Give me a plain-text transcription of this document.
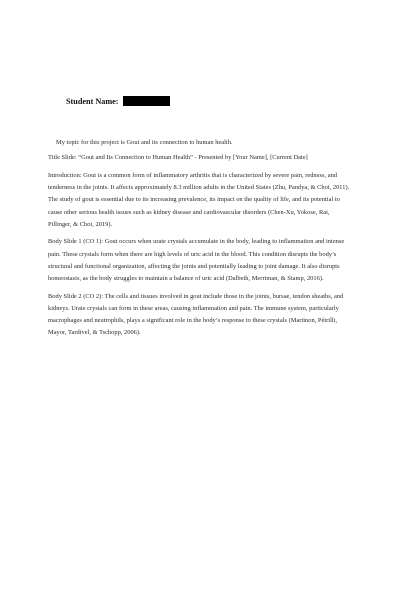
Student Name:

My topic for this project is Gout and its connection to human health.

Title Slide: “Gout and Its Connection to Human Health” - Presented by [Your Name], [Current Date]

Introduction: Gout is a common form of inflammatory arthritis that is characterized by severe pain, redness, and tenderness in the joints. It affects approximately 8.3 million adults in the United States (Zhu, Pandya, & Choi, 2011). The study of gout is essential due to its increasing prevalence, its impact on the quality of life, and its potential to cause other serious health issues such as kidney disease and cardiovascular disorders (Chen-Xu, Yokose, Rai, Pillinger, & Choi, 2019).

Body Slide 1 (CO 1): Gout occurs when urate crystals accumulate in the body, leading to inflammation and intense pain. These crystals form when there are high levels of uric acid in the blood. This condition disrupts the body’s structural and functional organization, affecting the joints and potentially leading to joint damage. It also disrupts homeostasis, as the body struggles to maintain a balance of uric acid (Dalbeth, Merriman, & Stamp, 2016).

Body Slide 2 (CO 2): The cells and tissues involved in gout include those in the joints, bursae, tendon sheaths, and kidneys. Urate crystals can form in these areas, causing inflammation and pain. The immune system, particularly macrophages and neutrophils, plays a significant role in the body’s response to these crystals (Martinon, Pétrilli, Mayor, Tardivel, & Tschopp, 2006).
